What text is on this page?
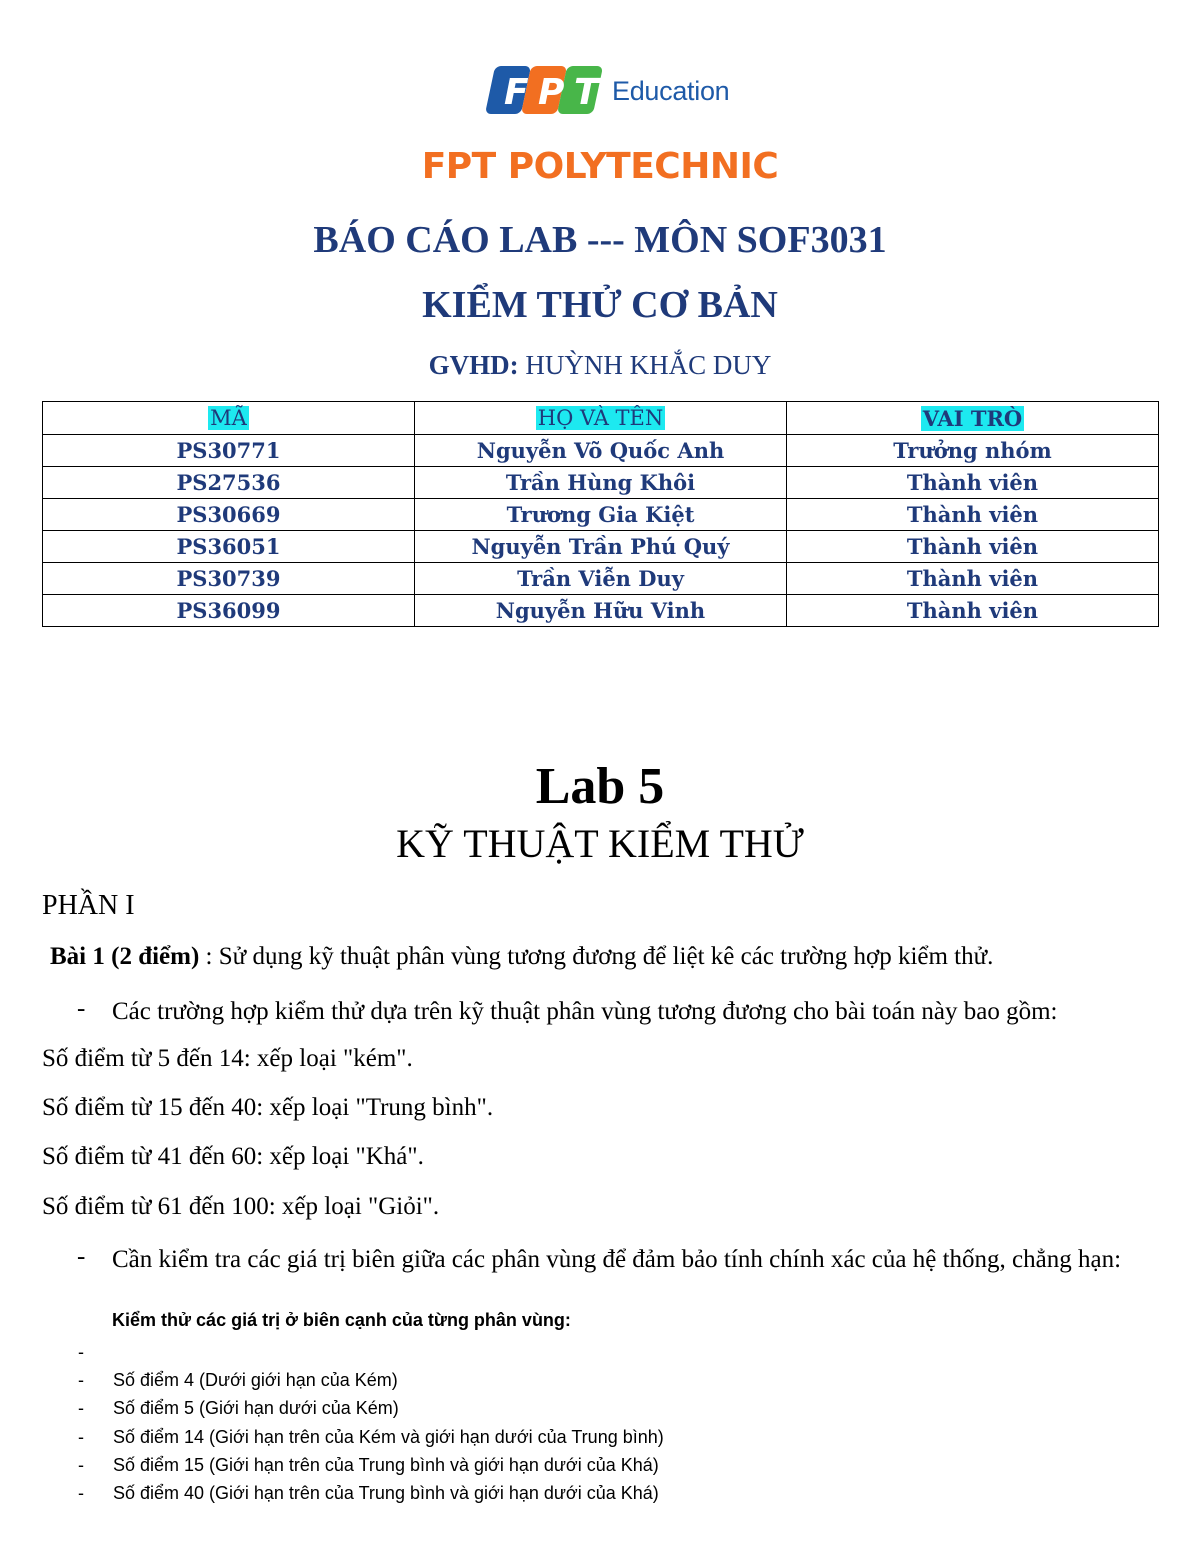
F P T Education
FPT POLYTECHNIC
BÁO CÁO LAB --- MÔN SOF3031
KIỂM THỬ CƠ BẢN
GVHD: HUỲNH KHẮC DUY
MÃ	HỌ VÀ TÊN	VAI TRÒ
PS30771	Nguyễn Võ Quốc Anh	Trưởng nhóm
PS27536	Trần Hùng Khôi	Thành viên
PS30669	Trương Gia Kiệt	Thành viên
PS36051	Nguyễn Trần Phú Quý	Thành viên
PS30739	Trần Viễn Duy	Thành viên
PS36099	Nguyễn Hữu Vinh	Thành viên
Lab 5
KỸ THUẬT KIỂM THỬ
PHẦN I
Bài 1 (2 điểm) : Sử dụng kỹ thuật phân vùng tương đương để liệt kê các trường hợp kiểm thử.
- Các trường hợp kiểm thử dựa trên kỹ thuật phân vùng tương đương cho bài toán này bao gồm:
Số điểm từ 5 đến 14: xếp loại "kém".
Số điểm từ 15 đến 40: xếp loại "Trung bình".
Số điểm từ 41 đến 60: xếp loại "Khá".
Số điểm từ 61 đến 100: xếp loại "Giỏi".
- Cần kiểm tra các giá trị biên giữa các phân vùng để đảm bảo tính chính xác của hệ thống, chẳng hạn:
Kiểm thử các giá trị ở biên cạnh của từng phân vùng:
-
- Số điểm 4 (Dưới giới hạn của Kém)
- Số điểm 5 (Giới hạn dưới của Kém)
- Số điểm 14 (Giới hạn trên của Kém và giới hạn dưới của Trung bình)
- Số điểm 15 (Giới hạn trên của Trung bình và giới hạn dưới của Khá)
- Số điểm 40 (Giới hạn trên của Trung bình và giới hạn dưới của Khá)
